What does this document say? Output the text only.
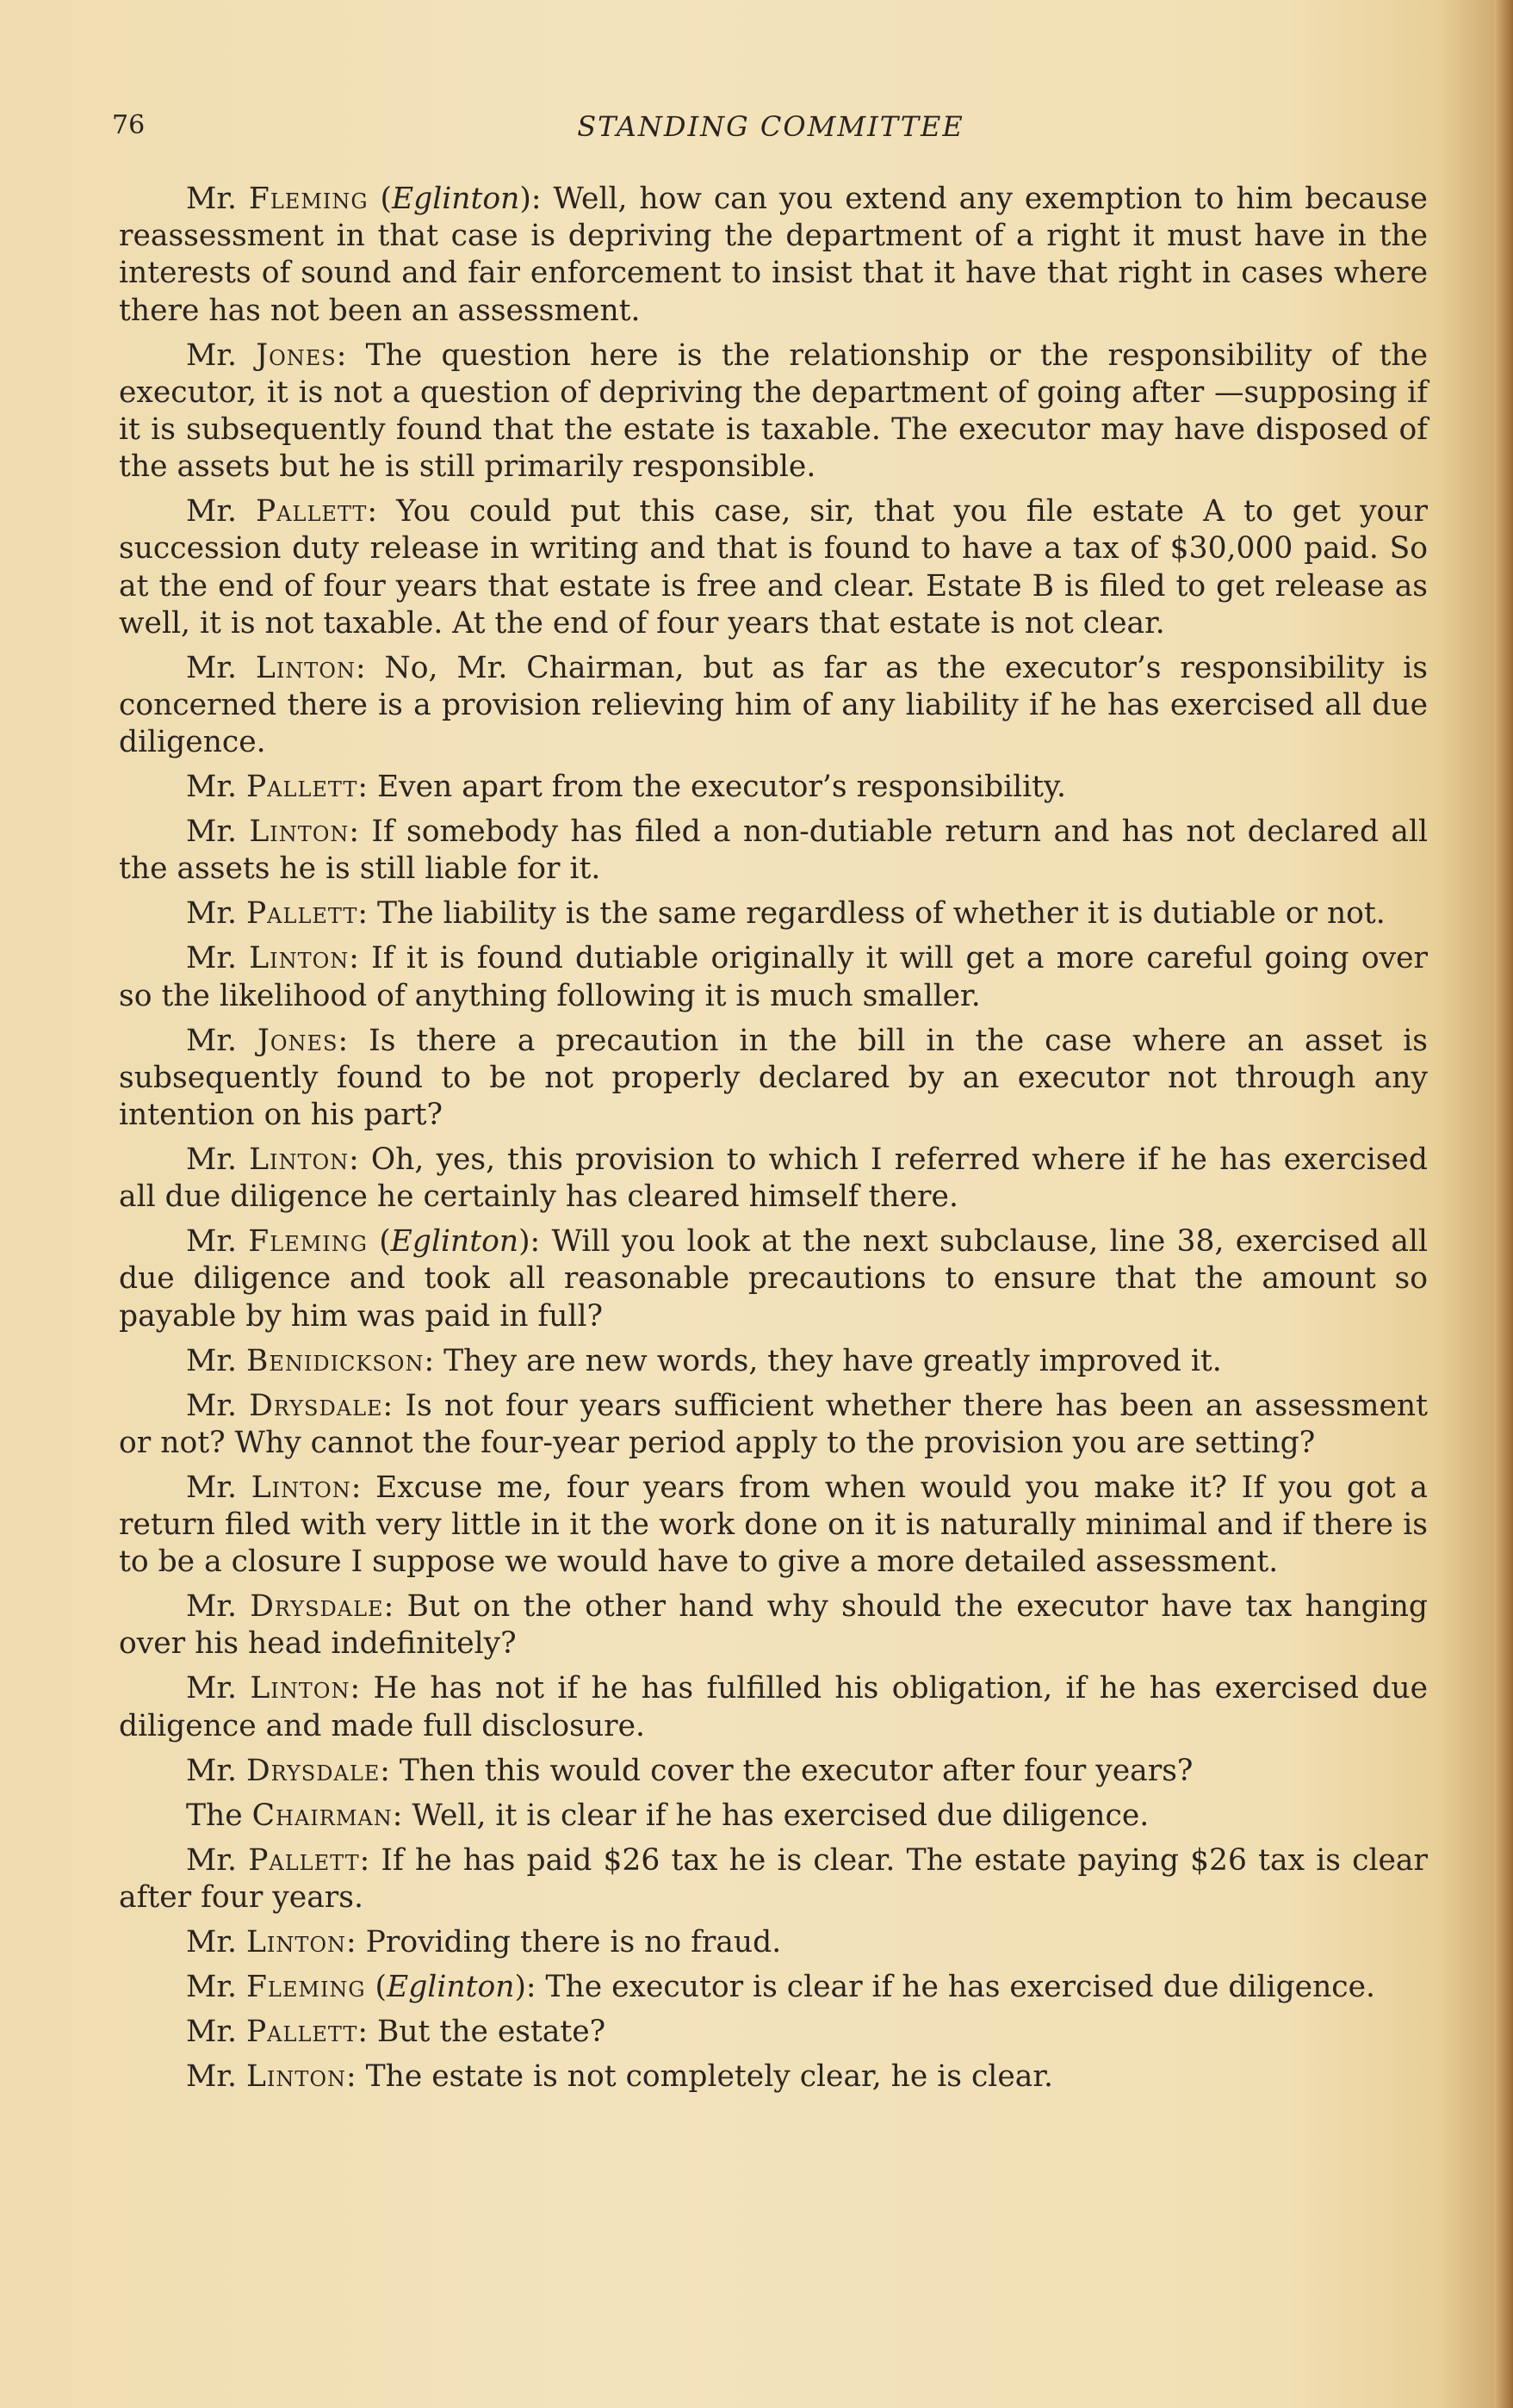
76	STANDING COMMITTEE

Mr. Fleming (Eglinton): Well, how can you extend any exemption to him because reassessment in that case is depriving the department of a right it must have in the interests of sound and fair enforcement to insist that it have that right in cases where there has not been an assessment.

Mr. Jones: The question here is the relationship or the responsibility of the executor, it is not a question of depriving the department of going after —supposing if it is subsequently found that the estate is taxable. The executor may have disposed of the assets but he is still primarily responsible.

Mr. Pallett: You could put this case, sir, that you file estate A to get your succession duty release in writing and that is found to have a tax of $30,000 paid. So at the end of four years that estate is free and clear. Estate B is filed to get release as well, it is not taxable. At the end of four years that estate is not clear.

Mr. Linton: No, Mr. Chairman, but as far as the executor’s responsibility is concerned there is a provision relieving him of any liability if he has exercised all due diligence.

Mr. Pallett: Even apart from the executor’s responsibility.

Mr. Linton: If somebody has filed a non-dutiable return and has not declared all the assets he is still liable for it.

Mr. Pallett: The liability is the same regardless of whether it is dutiable or not.

Mr. Linton: If it is found dutiable originally it will get a more careful going over so the likelihood of anything following it is much smaller.

Mr. Jones: Is there a precaution in the bill in the case where an asset is subsequently found to be not properly declared by an executor not through any intention on his part?

Mr. Linton: Oh, yes, this provision to which I referred where if he has exercised all due diligence he certainly has cleared himself there.

Mr. Fleming (Eglinton): Will you look at the next subclause, line 38, exercised all due diligence and took all reasonable precautions to ensure that the amount so payable by him was paid in full?

Mr. Benidickson: They are new words, they have greatly improved it.

Mr. Drysdale: Is not four years sufficient whether there has been an assessment or not? Why cannot the four-year period apply to the provision you are setting?

Mr. Linton: Excuse me, four years from when would you make it? If you got a return filed with very little in it the work done on it is naturally minimal and if there is to be a closure I suppose we would have to give a more detailed assessment.

Mr. Drysdale: But on the other hand why should the executor have tax hanging over his head indefinitely?

Mr. Linton: He has not if he has fulfilled his obligation, if he has exercised due diligence and made full disclosure.

Mr. Drysdale: Then this would cover the executor after four years?

The Chairman: Well, it is clear if he has exercised due diligence.

Mr. Pallett: If he has paid $26 tax he is clear. The estate paying $26 tax is clear after four years.

Mr. Linton: Providing there is no fraud.

Mr. Fleming (Eglinton): The executor is clear if he has exercised due diligence.

Mr. Pallett: But the estate?

Mr. Linton: The estate is not completely clear, he is clear.
